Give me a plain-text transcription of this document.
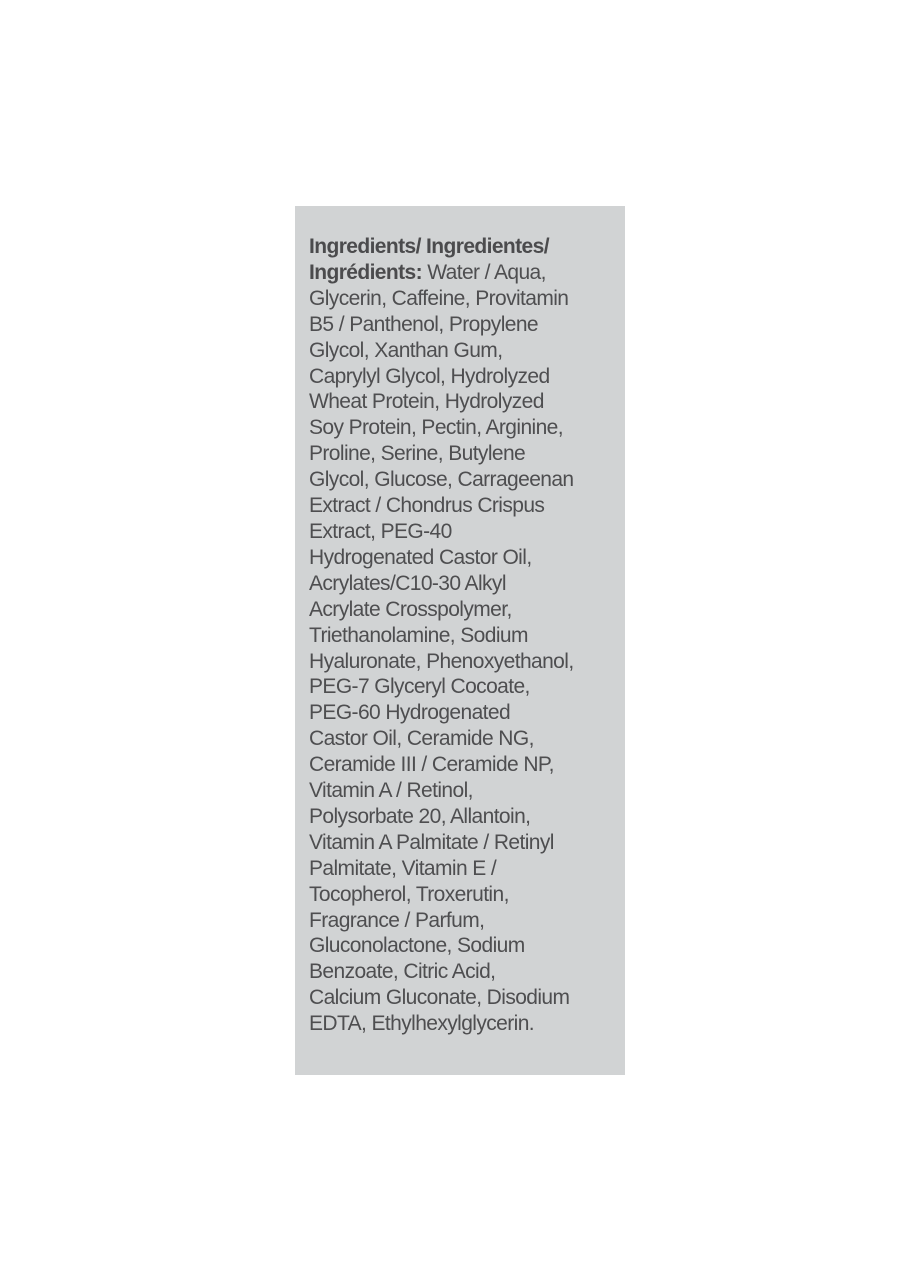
Ingredients/ Ingredientes/
Ingrédients: Water / Aqua,
Glycerin, Caffeine, Provitamin
B5 / Panthenol, Propylene
Glycol, Xanthan Gum,
Caprylyl Glycol, Hydrolyzed
Wheat Protein, Hydrolyzed
Soy Protein, Pectin, Arginine,
Proline, Serine, Butylene
Glycol, Glucose, Carrageenan
Extract / Chondrus Crispus
Extract, PEG-40
Hydrogenated Castor Oil,
Acrylates/C10-30 Alkyl
Acrylate Crosspolymer,
Triethanolamine, Sodium
Hyaluronate, Phenoxyethanol,
PEG-7 Glyceryl Cocoate,
PEG-60 Hydrogenated
Castor Oil, Ceramide NG,
Ceramide III / Ceramide NP,
Vitamin A / Retinol,
Polysorbate 20, Allantoin,
Vitamin A Palmitate / Retinyl
Palmitate, Vitamin E /
Tocopherol, Troxerutin,
Fragrance / Parfum,
Gluconolactone, Sodium
Benzoate, Citric Acid,
Calcium Gluconate, Disodium
EDTA, Ethylhexylglycerin.
